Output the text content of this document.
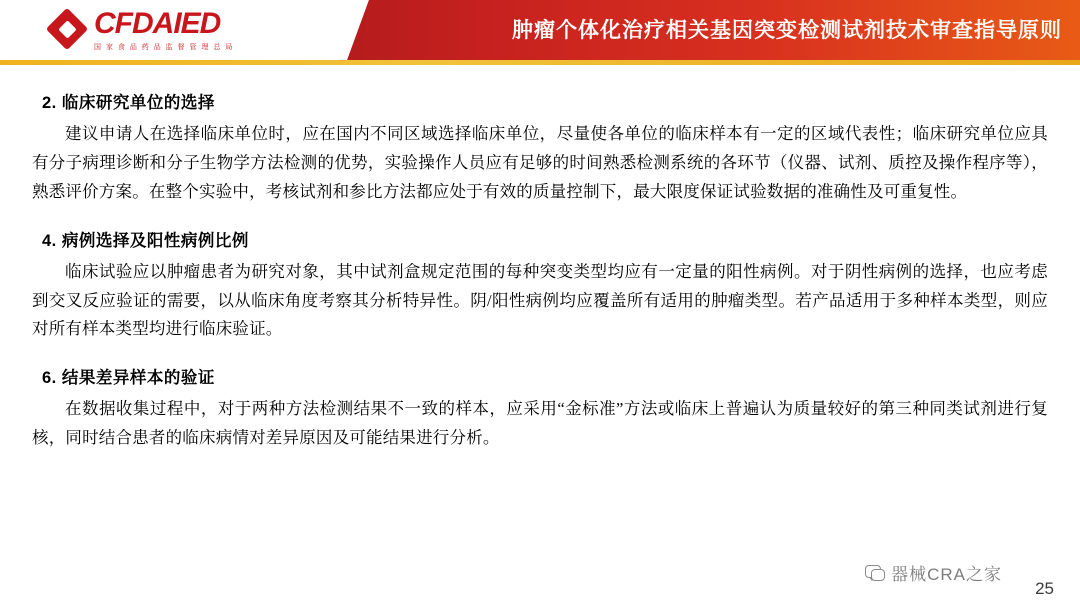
CFDAIED
国 家 食 品 药 品 监 督 管 理 总 局
肿瘤个体化治疗相关基因突变检测试剂技术审查指导原则
2. 临床研究单位的选择

建议申请人在选择临床单位时，应在国内不同区域选择临床单位，尽量使各单位的临床样本有一定的区域代表性；临床研究单位应具有分子病理诊断和分子生物学方法检测的优势，实验操作人员应有足够的时间熟悉检测系统的各环节（仪器、试剂、质控及操作程序等），熟悉评价方案。在整个实验中，考核试剂和参比方法都应处于有效的质量控制下，最大限度保证试验数据的准确性及可重复性。

4. 病例选择及阳性病例比例

临床试验应以肿瘤患者为研究对象，其中试剂盒规定范围的每种突变类型均应有一定量的阳性病例。对于阴性病例的选择，也应考虑到交叉反应验证的需要，以从临床角度考察其分析特异性。阴/阳性病例均应覆盖所有适用的肿瘤类型。若产品适用于多种样本类型，则应对所有样本类型均进行临床验证。

6. 结果差异样本的验证

在数据收集过程中，对于两种方法检测结果不一致的样本，应采用“金标准”方法或临床上普遍认为质量较好的第三种同类试剂进行复核，同时结合患者的临床病情对差异原因及可能结果进行分析。

器械CRA之家
25
